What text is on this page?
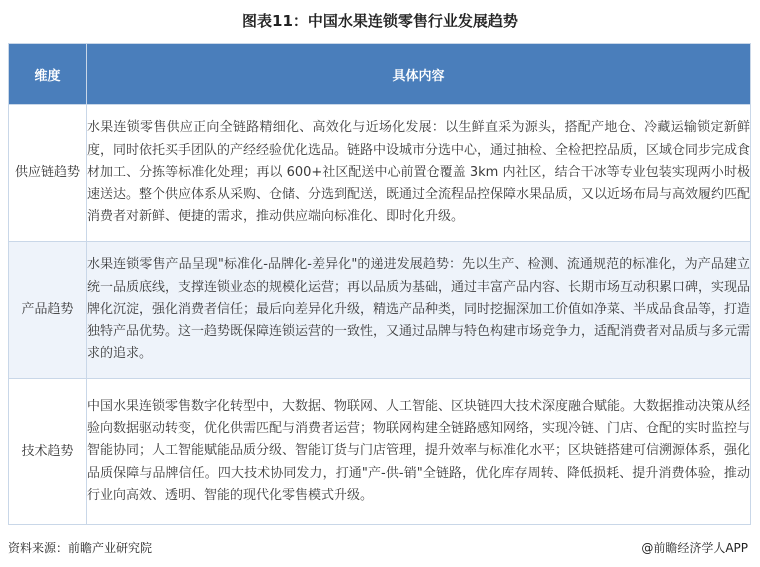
图表11：中国水果连锁零售行业发展趋势
维度	具体内容
供应链趋势	水果连锁零售供应正向全链路精细化、高效化与近场化发展：以生鲜直采为源头，搭配产地仓、冷藏运输锁定新鲜度，同时依托买手团队的产经经验优化选品。链路中设城市分选中心，通过抽检、全检把控品质，区域仓同步完成食材加工、分拣等标准化处理；再以 600+社区配送中心前置仓覆盖 3km 内社区，结合干冰等专业包装实现两小时极速送达。整个供应体系从采购、仓储、分选到配送，既通过全流程品控保障水果品质，又以近场布局与高效履约匹配消费者对新鲜、便捷的需求，推动供应端向标准化、即时化升级。
产品趋势	水果连锁零售产品呈现"标准化-品牌化-差异化"的递进发展趋势：先以生产、检测、流通规范的标准化，为产品建立统一品质底线，支撑连锁业态的规模化运营；再以品质为基础，通过丰富产品内容、长期市场互动积累口碑，实现品牌化沉淀，强化消费者信任；最后向差异化升级，精选产品种类，同时挖掘深加工价值如净菜、半成品食品等，打造独特产品优势。这一趋势既保障连锁运营的一致性，又通过品牌与特色构建市场竞争力，适配消费者对品质与多元需求的追求。
技术趋势	中国水果连锁零售数字化转型中，大数据、物联网、人工智能、区块链四大技术深度融合赋能。大数据推动决策从经验向数据驱动转变，优化供需匹配与消费者运营；物联网构建全链路感知网络，实现冷链、门店、仓配的实时监控与智能协同；人工智能赋能品质分级、智能订货与门店管理，提升效率与标准化水平；区块链搭建可信溯源体系，强化品质保障与品牌信任。四大技术协同发力，打通"产-供-销"全链路，优化库存周转、降低损耗、提升消费体验，推动行业向高效、透明、智能的现代化零售模式升级。
资料来源：前瞻产业研究院	@前瞻经济学人APP
